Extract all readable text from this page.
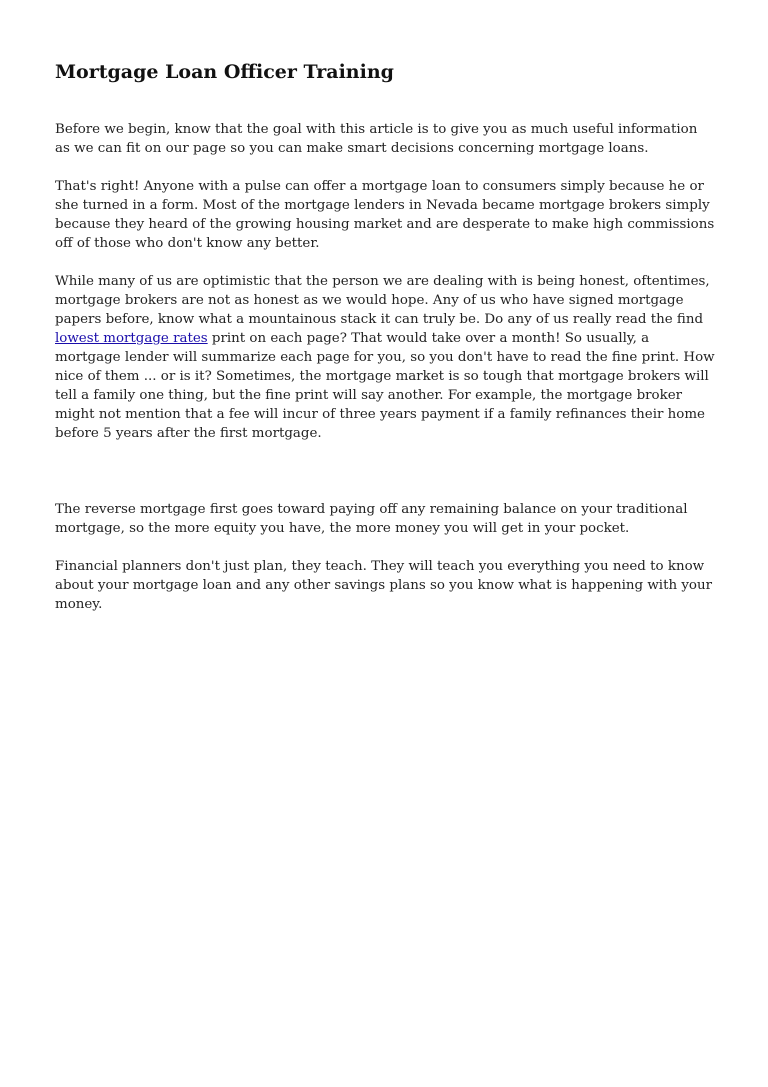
Mortgage Loan Officer Training

Before we begin, know that the goal with this article is to give you as much useful information as we can fit on our page so you can make smart decisions concerning mortgage loans.

That's right! Anyone with a pulse can offer a mortgage loan to consumers simply because he or she turned in a form. Most of the mortgage lenders in Nevada became mortgage brokers simply because they heard of the growing housing market and are desperate to make high commissions off of those who don't know any better.

While many of us are optimistic that the person we are dealing with is being honest, oftentimes, mortgage brokers are not as honest as we would hope. Any of us who have signed mortgage papers before, know what a mountainous stack it can truly be. Do any of us really read the find lowest mortgage rates print on each page? That would take over a month! So usually, a mortgage lender will summarize each page for you, so you don't have to read the fine print. How nice of them ... or is it? Sometimes, the mortgage market is so tough that mortgage brokers will tell a family one thing, but the fine print will say another. For example, the mortgage broker might not mention that a fee will incur of three years payment if a family refinances their home before 5 years after the first mortgage.

The reverse mortgage first goes toward paying off any remaining balance on your traditional mortgage, so the more equity you have, the more money you will get in your pocket.

Financial planners don't just plan, they teach. They will teach you everything you need to know about your mortgage loan and any other savings plans so you know what is happening with your money.
